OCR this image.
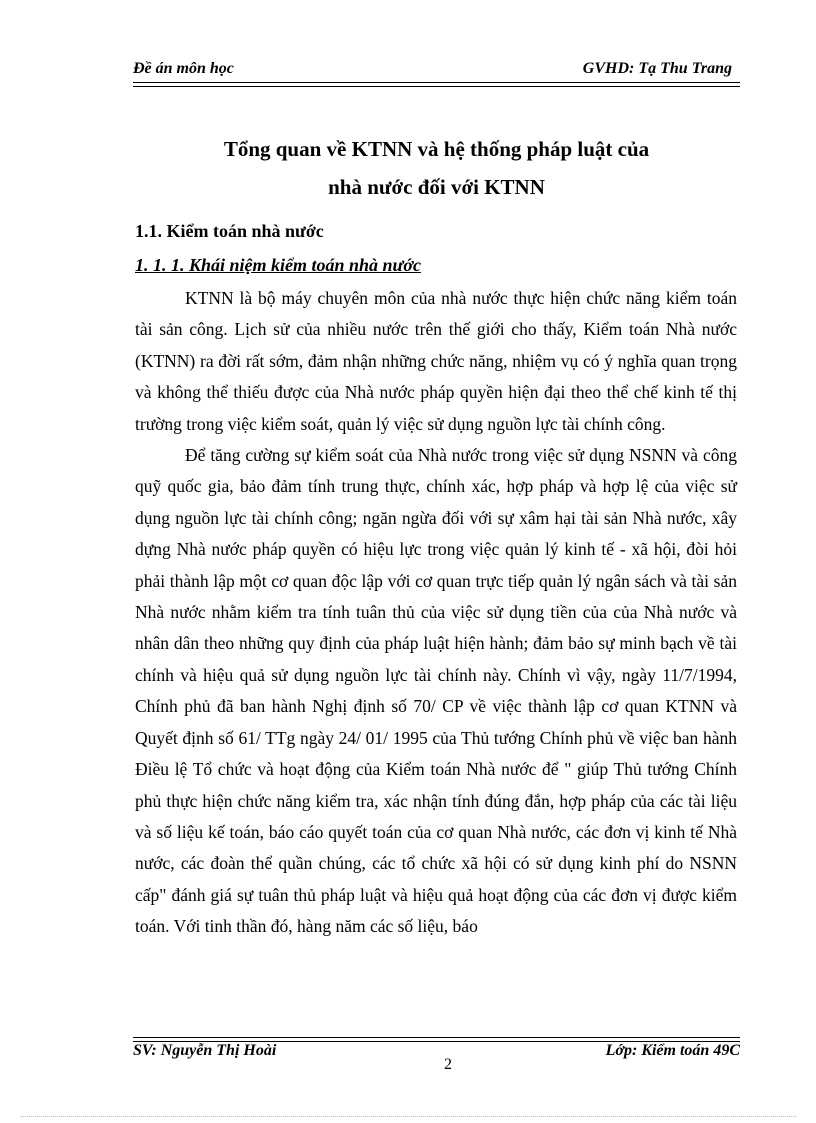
Đề án môn học	GVHD: Tạ Thu Trang
Tổng quan về KTNN và hệ thống pháp luật của
nhà nước đối với KTNN
1.1. Kiểm toán nhà nước
1. 1. 1. Khái niệm kiểm toán nhà nước

KTNN là bộ máy chuyên môn của nhà nước thực hiện chức năng kiểm toán tài sản công. Lịch sử của nhiều nước trên thế giới cho thấy, Kiểm toán Nhà nước (KTNN) ra đời rất sớm, đảm nhận những chức năng, nhiệm vụ có ý nghĩa quan trọng và không thể thiếu được của Nhà nước pháp quyền hiện đại theo thể chế kinh tế thị trường trong việc kiểm soát, quản lý việc sử dụng nguồn lực tài chính công.

Để tăng cường sự kiểm soát của Nhà nước trong việc sử dụng NSNN và công quỹ quốc gia, bảo đảm tính trung thực, chính xác, hợp pháp và hợp lệ của việc sử dụng nguồn lực tài chính công; ngăn ngừa đối với sự xâm hại tài sản Nhà nước, xây dựng Nhà nước pháp quyền có hiệu lực trong việc quản lý kinh tế - xã hội, đòi hỏi phải thành lập một cơ quan độc lập với cơ quan trực tiếp quản lý ngân sách và tài sản Nhà nước nhằm kiểm tra tính tuân thủ của việc sử dụng tiền của của Nhà nước và nhân dân theo những quy định của pháp luật hiện hành; đảm bảo sự minh bạch về tài chính và hiệu quả sử dụng nguồn lực tài chính này. Chính vì vậy, ngày 11/7/1994, Chính phủ đã ban hành Nghị định số 70/ CP về việc thành lập cơ quan KTNN và Quyết định số 61/ TTg ngày 24/ 01/ 1995 của Thủ tướng Chính phủ về việc ban hành Điều lệ Tổ chức và hoạt động của Kiểm toán Nhà nước để " giúp Thủ tướng Chính phủ thực hiện chức năng kiểm tra, xác nhận tính đúng đắn, hợp pháp của các tài liệu và số liệu kế toán, báo cáo quyết toán của cơ quan Nhà nước, các đơn vị kinh tế Nhà nước, các đoàn thể quần chúng, các tổ chức xã hội có sử dụng kinh phí do NSNN cấp" đánh giá sự tuân thủ pháp luật và hiệu quả hoạt động của các đơn vị được kiểm toán. Với tinh thần đó, hàng năm các số liệu, báo

SV: Nguyễn Thị Hoài	Lớp: Kiểm toán 49C
2
